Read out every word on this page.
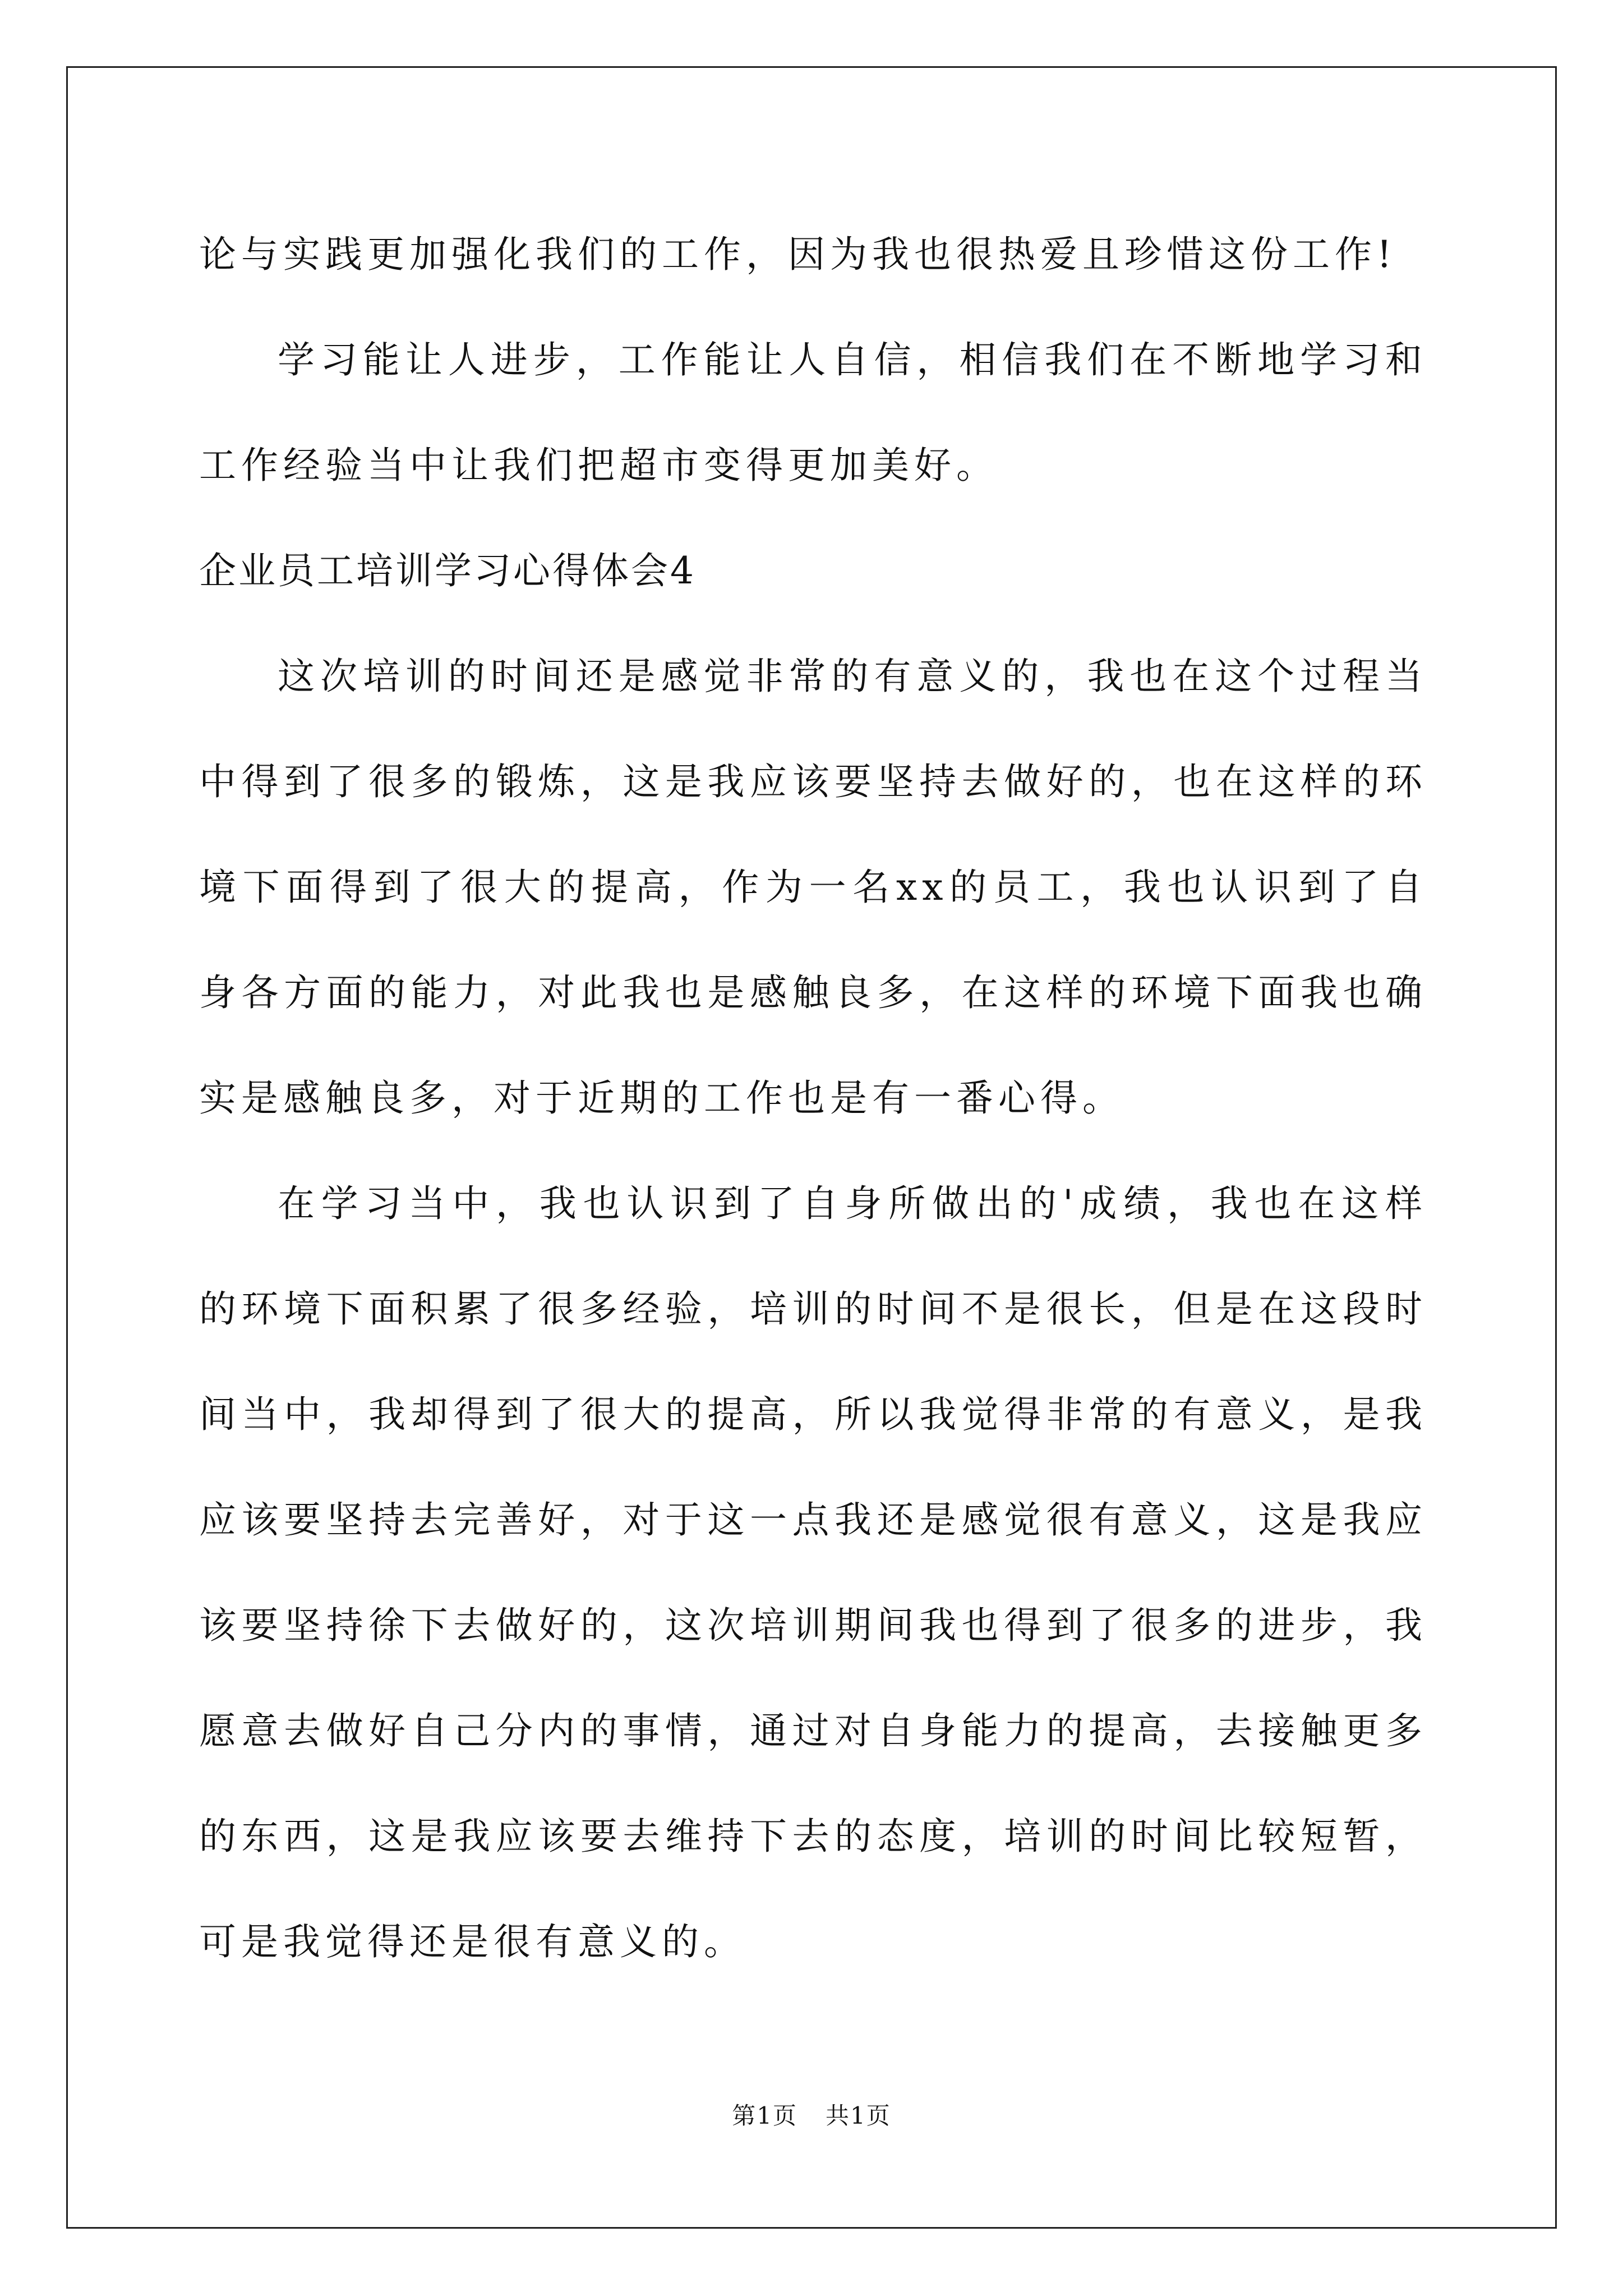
论与实践更加强化我们的工作，因为我也很热爱且珍惜这份工作!

学习能让人进步，工作能让人自信，相信我们在不断地学习和工作经验当中让我们把超市变得更加美好。

企业员工培训学习心得体会4

这次培训的时间还是感觉非常的有意义的，我也在这个过程当中得到了很多的锻炼，这是我应该要坚持去做好的，也在这样的环境下面得到了很大的提高，作为一名xx的员工，我也认识到了自身各方面的能力，对此我也是感触良多，在这样的环境下面我也确实是感触良多，对于近期的工作也是有一番心得。

在学习当中，我也认识到了自身所做出的'成绩，我也在这样的环境下面积累了很多经验，培训的时间不是很长，但是在这段时间当中，我却得到了很大的提高，所以我觉得非常的有意义，是我应该要坚持去完善好，对于这一点我还是感觉很有意义，这是我应该要坚持徐下去做好的，这次培训期间我也得到了很多的进步，我愿意去做好自己分内的事情，通过对自身能力的提高，去接触更多的东西，这是我应该要去维持下去的态度，培训的时间比较短暂，可是我觉得还是很有意义的。

第1页 共1页
